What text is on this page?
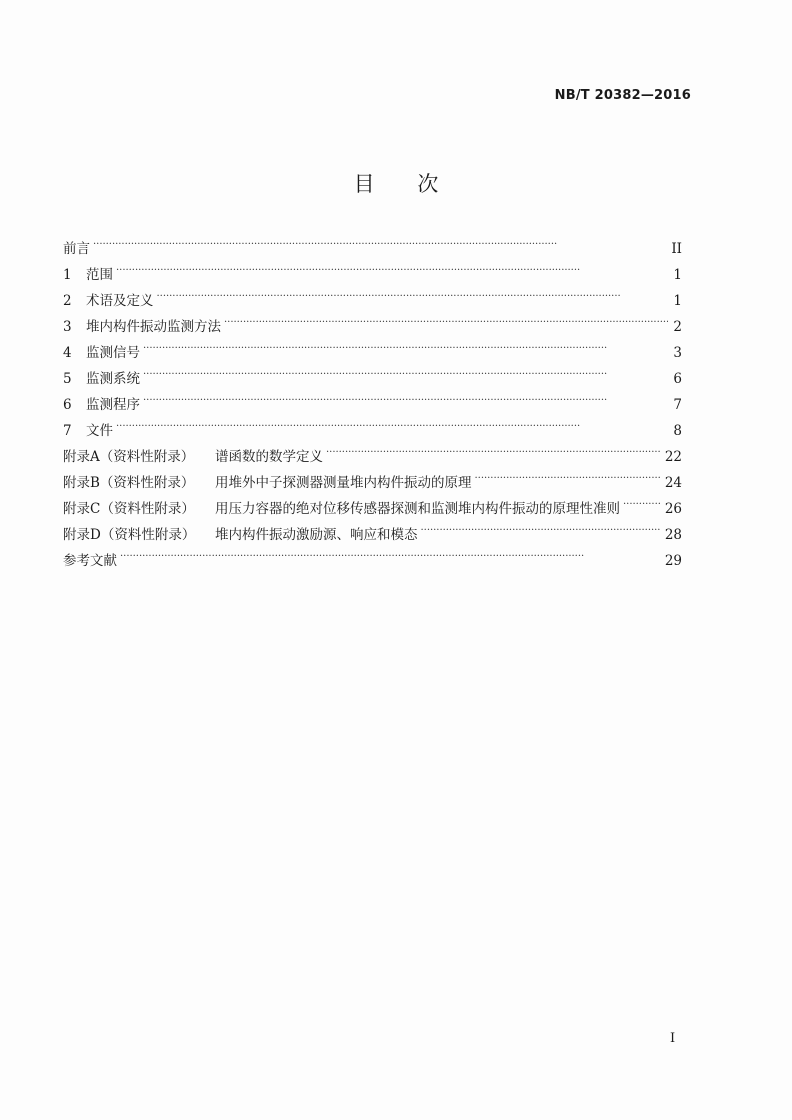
NB/T 20382—2016
目 次
前言 . . .	II
1	范围 . . .	1
2	术语及定义 . . .	1
3	堆内构件振动监测方法 . . .	2
4	监测信号 . . .	3
5	监测系统 . . .	6
6	监测程序 . . .	7
7	文件 . . .	8
附录A（资料性附录）	谱函数的数学定义 . . .	22
附录B（资料性附录）	用堆外中子探测器测量堆内构件振动的原理 . . .	24
附录C（资料性附录）	用压力容器的绝对位移传感器探测和监测堆内构件振动的原理性准则 . . .	26
附录D（资料性附录）	堆内构件振动激励源、响应和模态 . . .	28
参考文献 . . .	29
I
